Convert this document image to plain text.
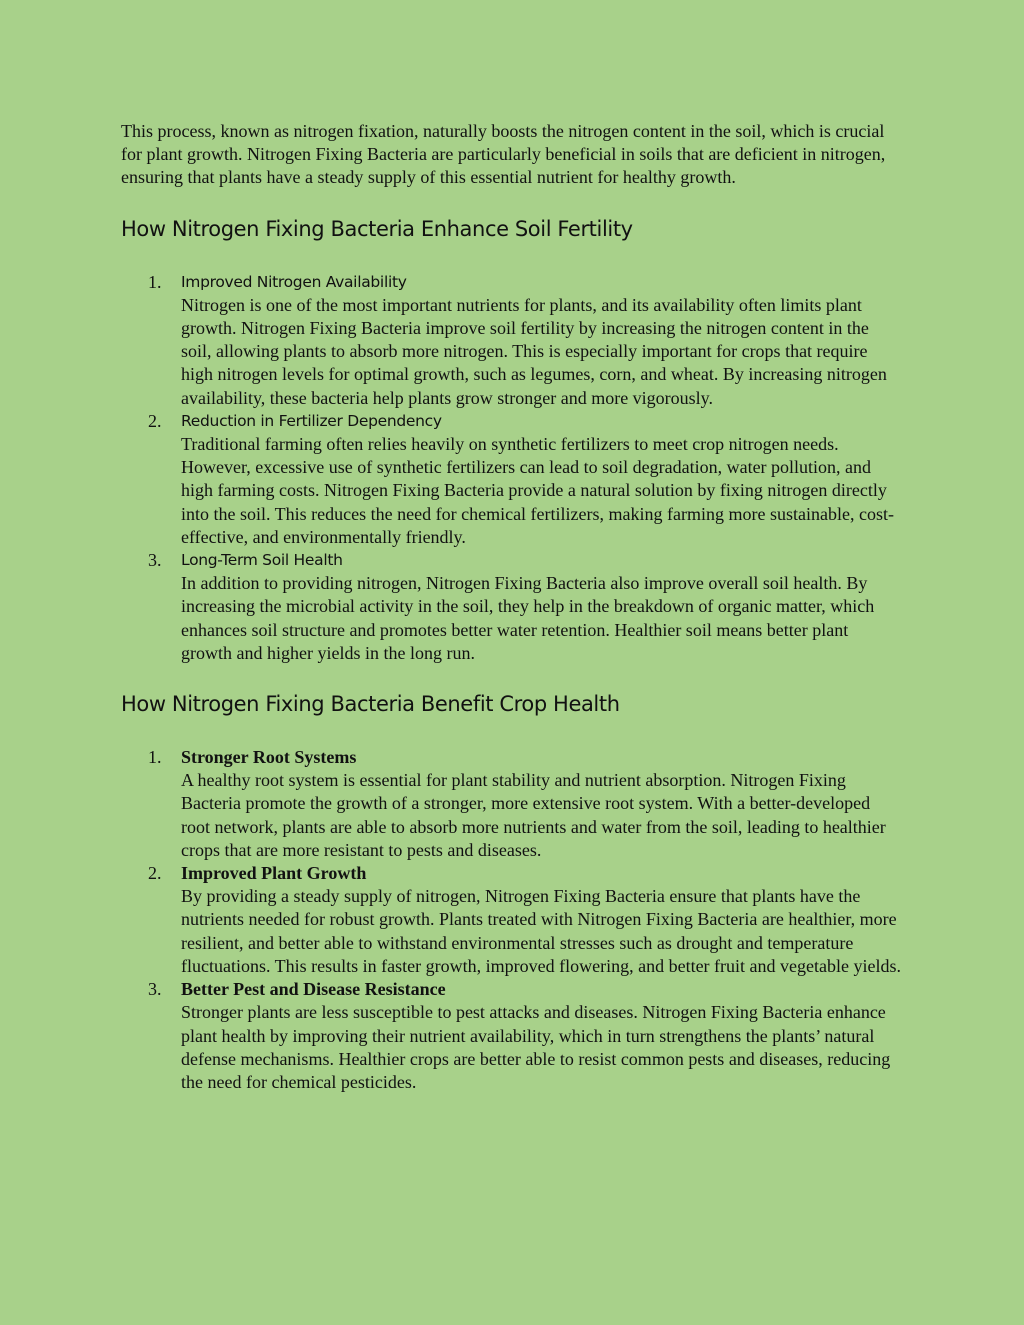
This process, known as nitrogen fixation, naturally boosts the nitrogen content in the soil, which is crucial for plant growth. Nitrogen Fixing Bacteria are particularly beneficial in soils that are deficient in nitrogen, ensuring that plants have a steady supply of this essential nutrient for healthy growth.

How Nitrogen Fixing Bacteria Enhance Soil Fertility
1. Improved Nitrogen Availability
Nitrogen is one of the most important nutrients for plants, and its availability often limits plant growth. Nitrogen Fixing Bacteria improve soil fertility by increasing the nitrogen content in the soil, allowing plants to absorb more nitrogen. This is especially important for crops that require high nitrogen levels for optimal growth, such as legumes, corn, and wheat. By increasing nitrogen availability, these bacteria help plants grow stronger and more vigorously.
2. Reduction in Fertilizer Dependency
Traditional farming often relies heavily on synthetic fertilizers to meet crop nitrogen needs. However, excessive use of synthetic fertilizers can lead to soil degradation, water pollution, and high farming costs. Nitrogen Fixing Bacteria provide a natural solution by fixing nitrogen directly into the soil. This reduces the need for chemical fertilizers, making farming more sustainable, cost-effective, and environmentally friendly.
3. Long-Term Soil Health
In addition to providing nitrogen, Nitrogen Fixing Bacteria also improve overall soil health. By increasing the microbial activity in the soil, they help in the breakdown of organic matter, which enhances soil structure and promotes better water retention. Healthier soil means better plant growth and higher yields in the long run.
How Nitrogen Fixing Bacteria Benefit Crop Health
1. Stronger Root Systems
A healthy root system is essential for plant stability and nutrient absorption. Nitrogen Fixing Bacteria promote the growth of a stronger, more extensive root system. With a better-developed root network, plants are able to absorb more nutrients and water from the soil, leading to healthier crops that are more resistant to pests and diseases.
2. Improved Plant Growth
By providing a steady supply of nitrogen, Nitrogen Fixing Bacteria ensure that plants have the nutrients needed for robust growth. Plants treated with Nitrogen Fixing Bacteria are healthier, more resilient, and better able to withstand environmental stresses such as drought and temperature fluctuations. This results in faster growth, improved flowering, and better fruit and vegetable yields.
3. Better Pest and Disease Resistance
Stronger plants are less susceptible to pest attacks and diseases. Nitrogen Fixing Bacteria enhance plant health by improving their nutrient availability, which in turn strengthens the plants’ natural defense mechanisms. Healthier crops are better able to resist common pests and diseases, reducing the need for chemical pesticides.
